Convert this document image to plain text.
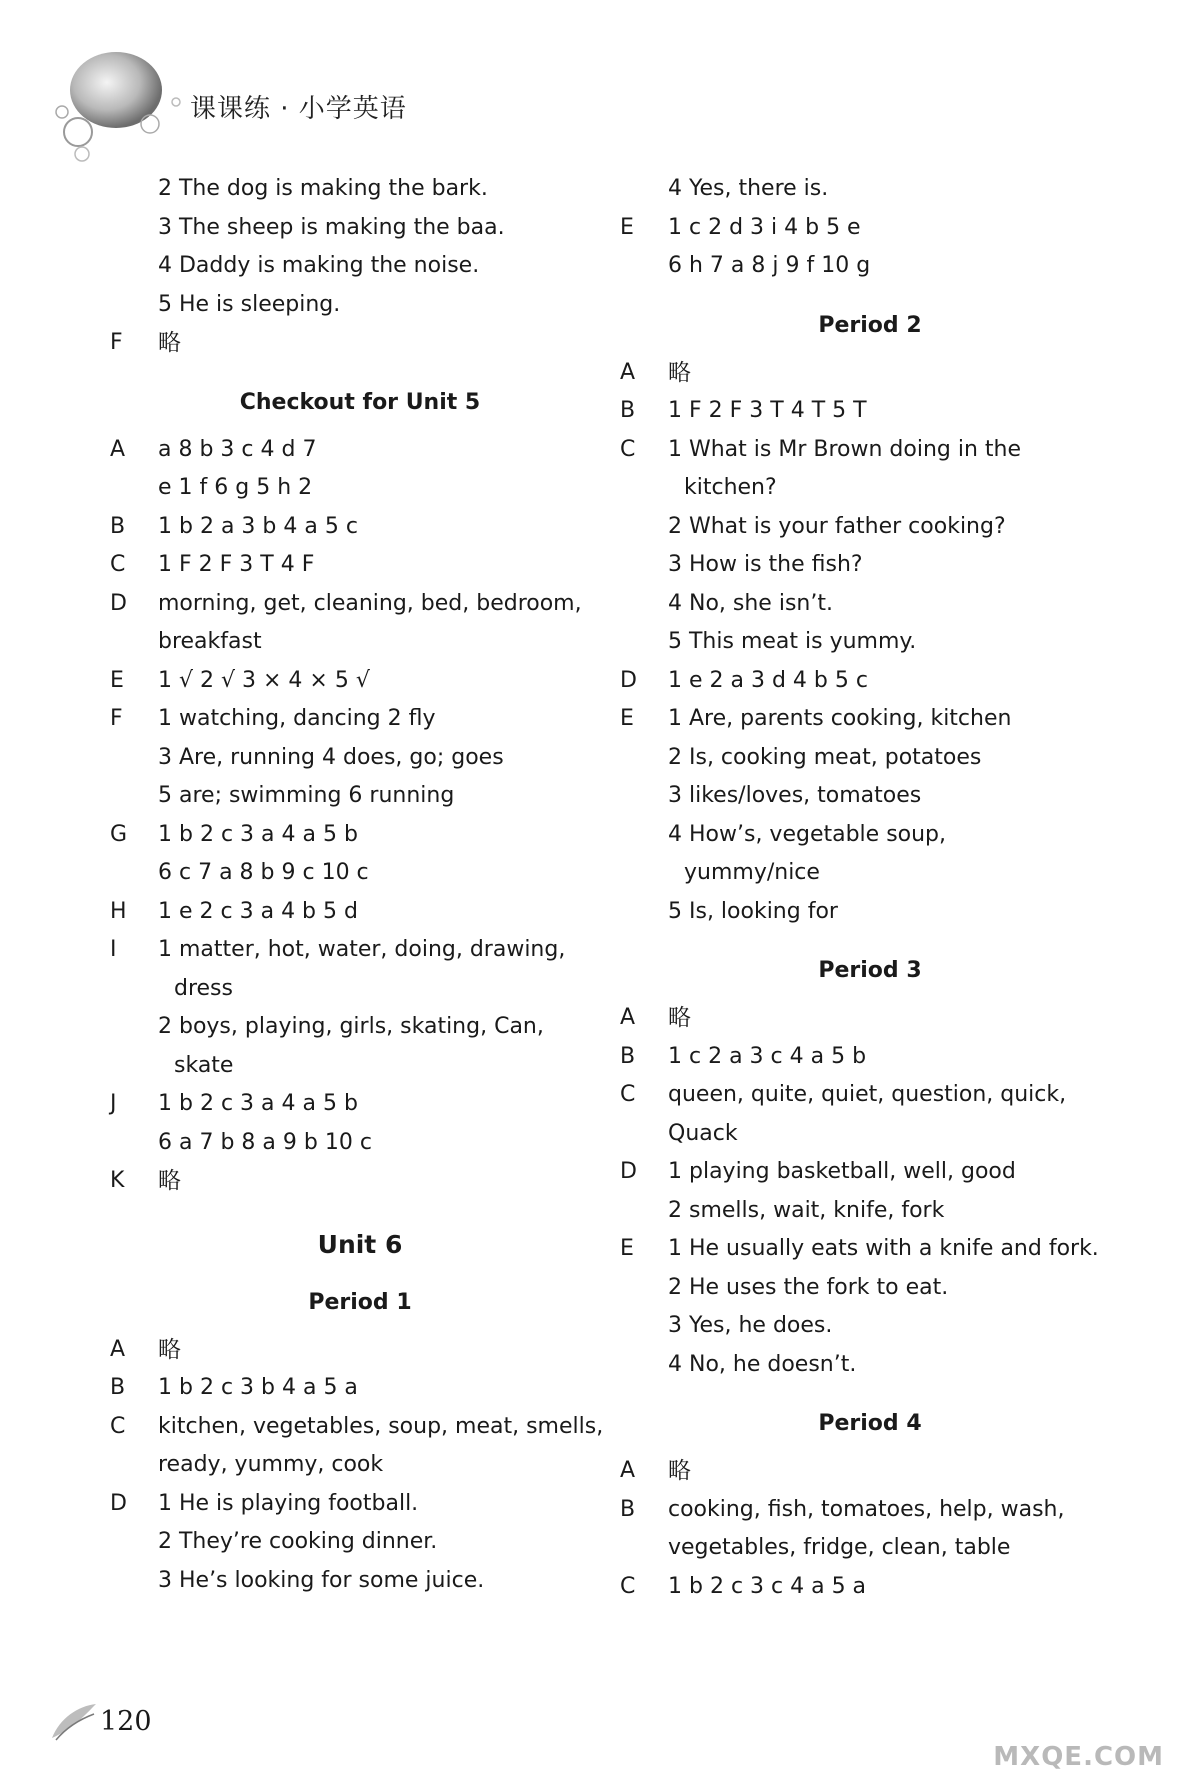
课课练 · 小学英语
2 The dog is making the bark.
3 The sheep is making the baa.
4 Daddy is making the noise.
5 He is sleeping.
F	略
Checkout for Unit 5
A	a 8 b 3 c 4 d 7
e 1 f 6 g 5 h 2
B	1 b 2 a 3 b 4 a 5 c
C	1 F 2 F 3 T 4 F
D	morning, get, cleaning, bed, bedroom,
breakfast
E	1 √ 2 √ 3 × 4 × 5 √
F	1 watching, dancing 2 fly
3 Are, running 4 does, go; goes
5 are; swimming 6 running
G	1 b 2 c 3 a 4 a 5 b
6 c 7 a 8 b 9 c 10 c
H	1 e 2 c 3 a 4 b 5 d
I	1 matter, hot, water, doing, drawing,
dress
2 boys, playing, girls, skating, Can,
skate
J	1 b 2 c 3 a 4 a 5 b
6 a 7 b 8 a 9 b 10 c
K	略
Unit 6
Period 1
A	略
B	1 b 2 c 3 b 4 a 5 a
C	kitchen, vegetables, soup, meat, smells,
ready, yummy, cook
D	1 He is playing football.
2 They’re cooking dinner.
3 He’s looking for some juice.
4 Yes, there is.
E	1 c 2 d 3 i 4 b 5 e
6 h 7 a 8 j 9 f 10 g
Period 2
A	略
B	1 F 2 F 3 T 4 T 5 T
C	1 What is Mr Brown doing in the
kitchen?
2 What is your father cooking?
3 How is the fish?
4 No, she isn’t.
5 This meat is yummy.
D	1 e 2 a 3 d 4 b 5 c
E	1 Are, parents cooking, kitchen
2 Is, cooking meat, potatoes
3 likes/loves, tomatoes
4 How’s, vegetable soup,
yummy/nice
5 Is, looking for
Period 3
A	略
B	1 c 2 a 3 c 4 a 5 b
C	queen, quite, quiet, question, quick,
Quack
D	1 playing basketball, well, good
2 smells, wait, knife, fork
E	1 He usually eats with a knife and fork.
2 He uses the fork to eat.
3 Yes, he does.
4 No, he doesn’t.
Period 4
A	略
B	cooking, fish, tomatoes, help, wash,
vegetables, fridge, clean, table
C	1 b 2 c 3 c 4 a 5 a
120
MXQE.COM
